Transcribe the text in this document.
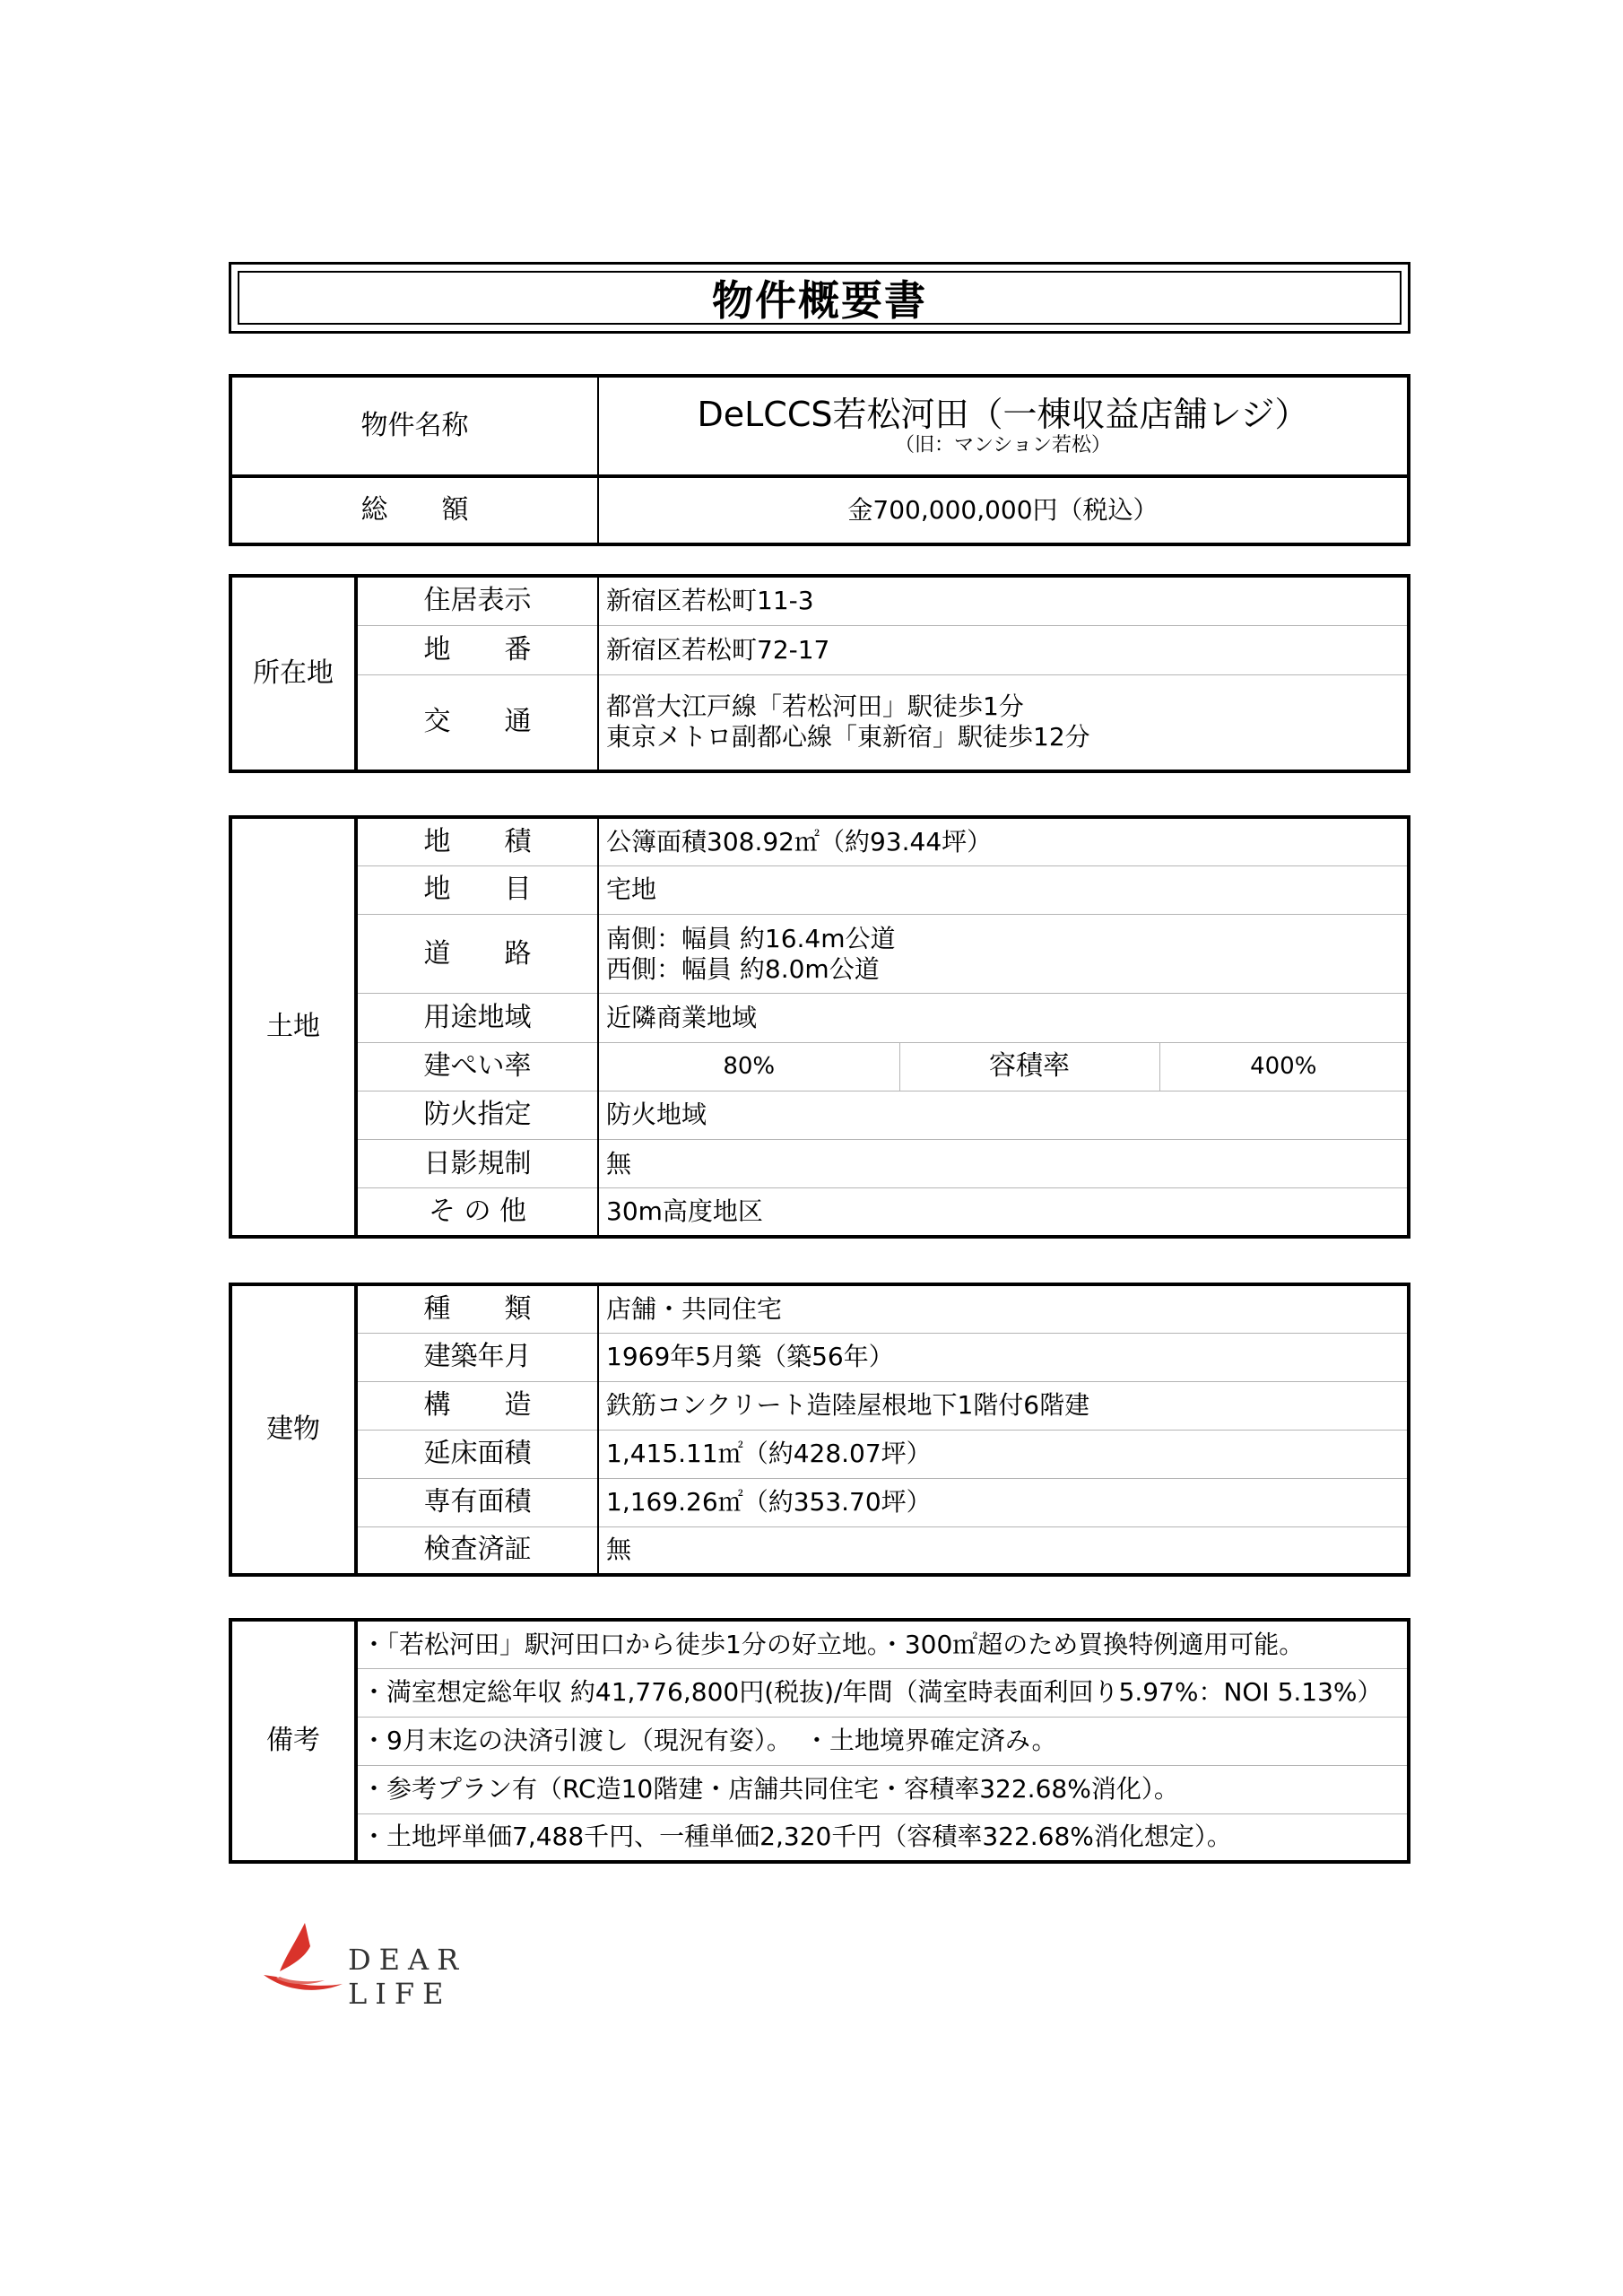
物件概要書
物件名称	DeLCCS若松河田（一棟収益店舗レジ）
（旧：マンション若松）

総　　額	金700,000,000円（税込）
所在地	住居表示	新宿区若松町11-3
	地　　番	新宿区若松町72-17
	交　　通	都営大江戸線「若松河田」駅徒歩1分
東京メトロ副都心線「東新宿」駅徒歩12分
土地	地　　積	公簿面積308.92㎡（約93.44坪）		
	地　　目	宅地		
	道　　路	南側：幅員 約16.4m公道
西側：幅員 約8.0m公道		

	用途地域	近隣商業地域		
	建ぺい率	80%	容積率	400%
	防火指定	防火地域		
	日影規制	無		
	そ の 他	30m高度地区		
建物	種　　類	店舗・共同住宅
	建築年月	1969年5月築（築56年）
	構　　造	鉄筋コンクリート造陸屋根地下1階付6階建
	延床面積	1,415.11㎡（約428.07坪）
	専有面積	1,169.26㎡（約353.70坪）
	検査済証	無
備考	・「若松河田」駅河田口から徒歩1分の好立地。・300㎡超のため買換特例適用可能。
・満室想定総年収 約41,776,800円(税抜)/年間（満室時表面利回り5.97%：NOI 5.13%）
・9月末迄の決済引渡し（現況有姿）。　・土地境界確定済み。
・参考プラン有（RC造10階建・店舗共同住宅・容積率322.68%消化）。
・土地坪単価7,488千円、一種単価2,320千円（容積率322.68%消化想定）。
DEAR LIFE
